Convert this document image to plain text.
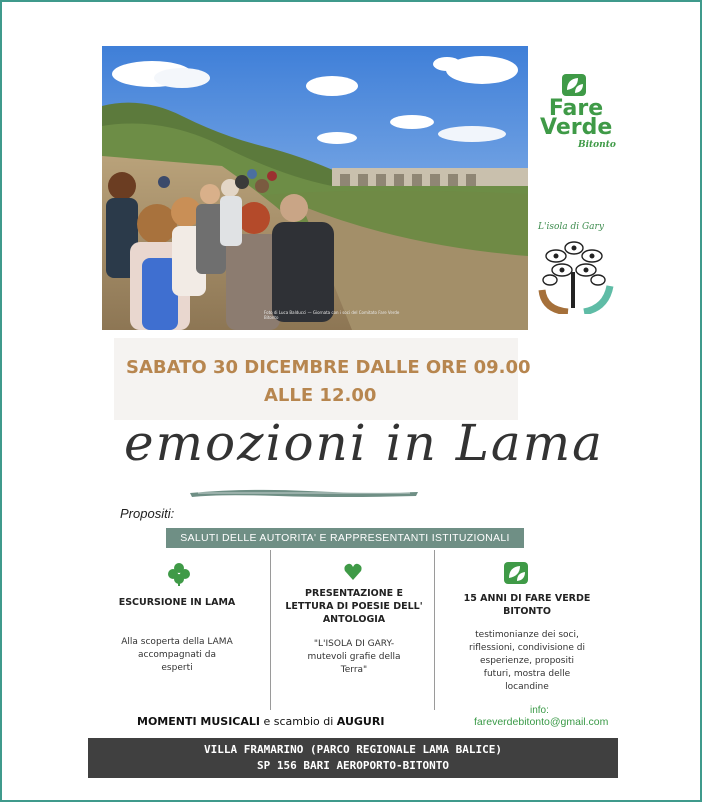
Foto di Luca Balducci — Giornata con i soci del Comitato Fare Verde Bitonto
Fare
Verde
Bitonto
L'isola di Gary
SABATO 30 DICEMBRE DALLE ORE 09.00
ALLE 12.00
emozioni in Lama
Propositi:
SALUTI DELLE AUTORITA' E RAPPRESENTANTI ISTITUZIONALI
ESCURSIONE IN LAMA
Alla scoperta della LAMA
accompagnati da
esperti
PRESENTAZIONE E
LETTURA DI POESIE DELL'
ANTOLOGIA
"L'ISOLA DI GARY-
mutevoli grafie della
Terra"
15 ANNI DI FARE VERDE
BITONTO
testimonianze dei soci,
riflessioni, condivisione di
esperienze, propositi
futuri, mostra delle
locandine
MOMENTI MUSICALI e scambio di AUGURI
info:
fareverdebitonto@gmail.com
VILLA FRAMARINO (PARCO REGIONALE LAMA BALICE)
SP 156 BARI AEROPORTO-BITONTO
